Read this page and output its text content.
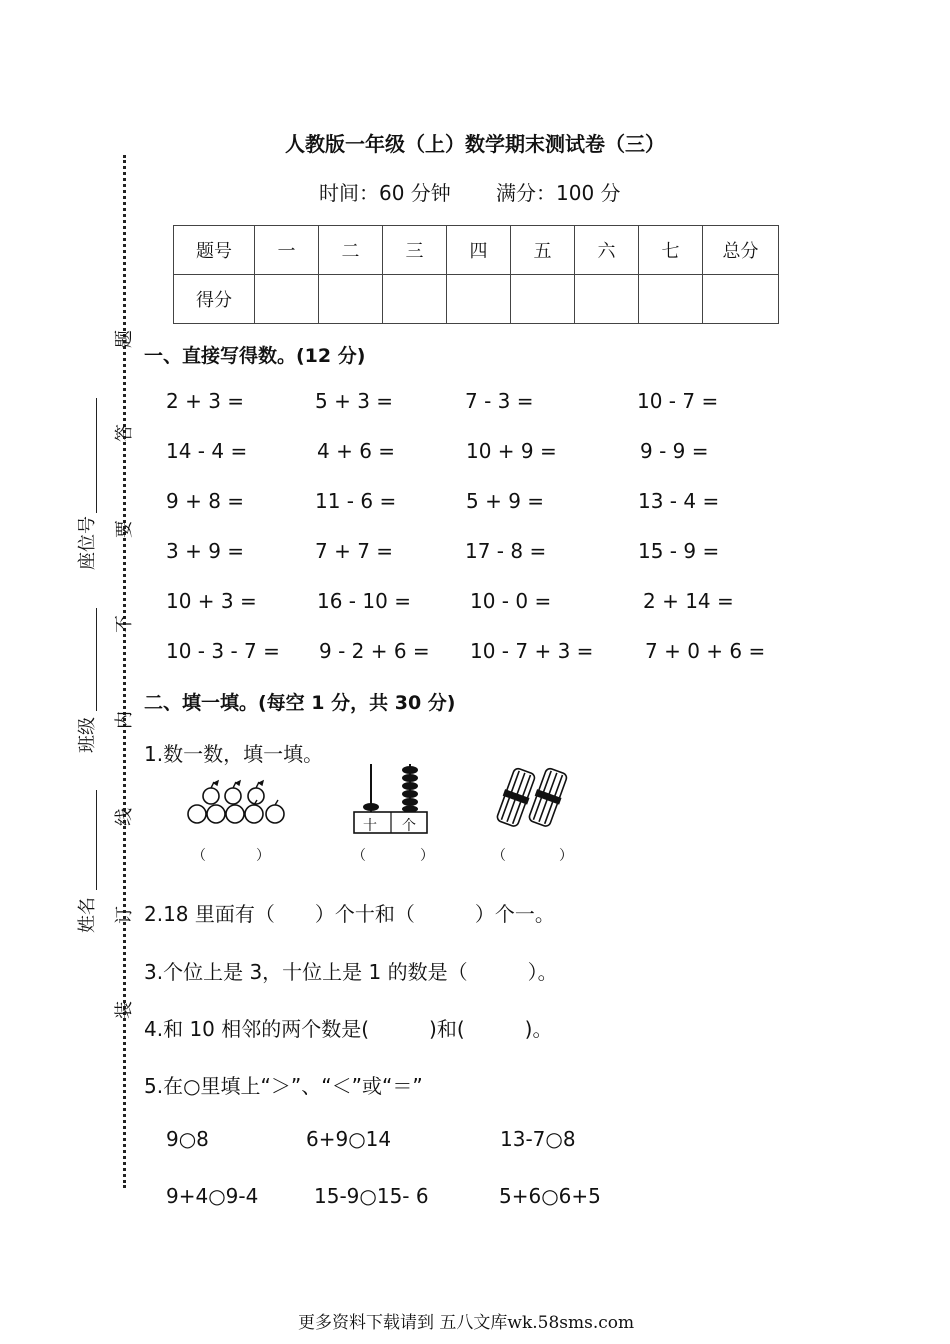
题
答
要
不
内
线
订
装
座位号
班级
姓名
人教版一年级（上）数学期末测试卷（三）
时间：60 分钟 满分：100 分
题号	一	二	三	四	五	六	七	总分
得分								
一、直接写得数。(12 分)
2 + 3 =	5 + 3 =	7 - 3 =	10 - 7 =
14 - 4 =	4 + 6 =	10 + 9 =	9 - 9 =
9 + 8 =	11 - 6 =	5 + 9 =	13 - 4 =
3 + 9 =	7 + 7 =	17 - 8 =	15 - 9 =
10 + 3 =	16 - 10 =	10 - 0 =	2 + 14 =
10 - 3 - 7 = 9 - 2 + 6 = 10 - 7 + 3 =	7 + 0 + 6 =
二、填一填。(每空 1 分，共 30 分)
1.数一数，填一填。
十 个
（	）	（	）	（	）
2.18 里面有（　　）个十和（　　　）个一。
3.个位上是 3，十位上是 1 的数是（　　　）。
4.和 10 相邻的两个数是(　　　)和(　　　)。
5.在○里填上“＞”、“＜”或“＝”
9○8	6+9○14	13-7○8
9+4○9-4	15-9○15- 6	5+6○6+5
更多资料下载请到 五八文库wk.58sms.com
